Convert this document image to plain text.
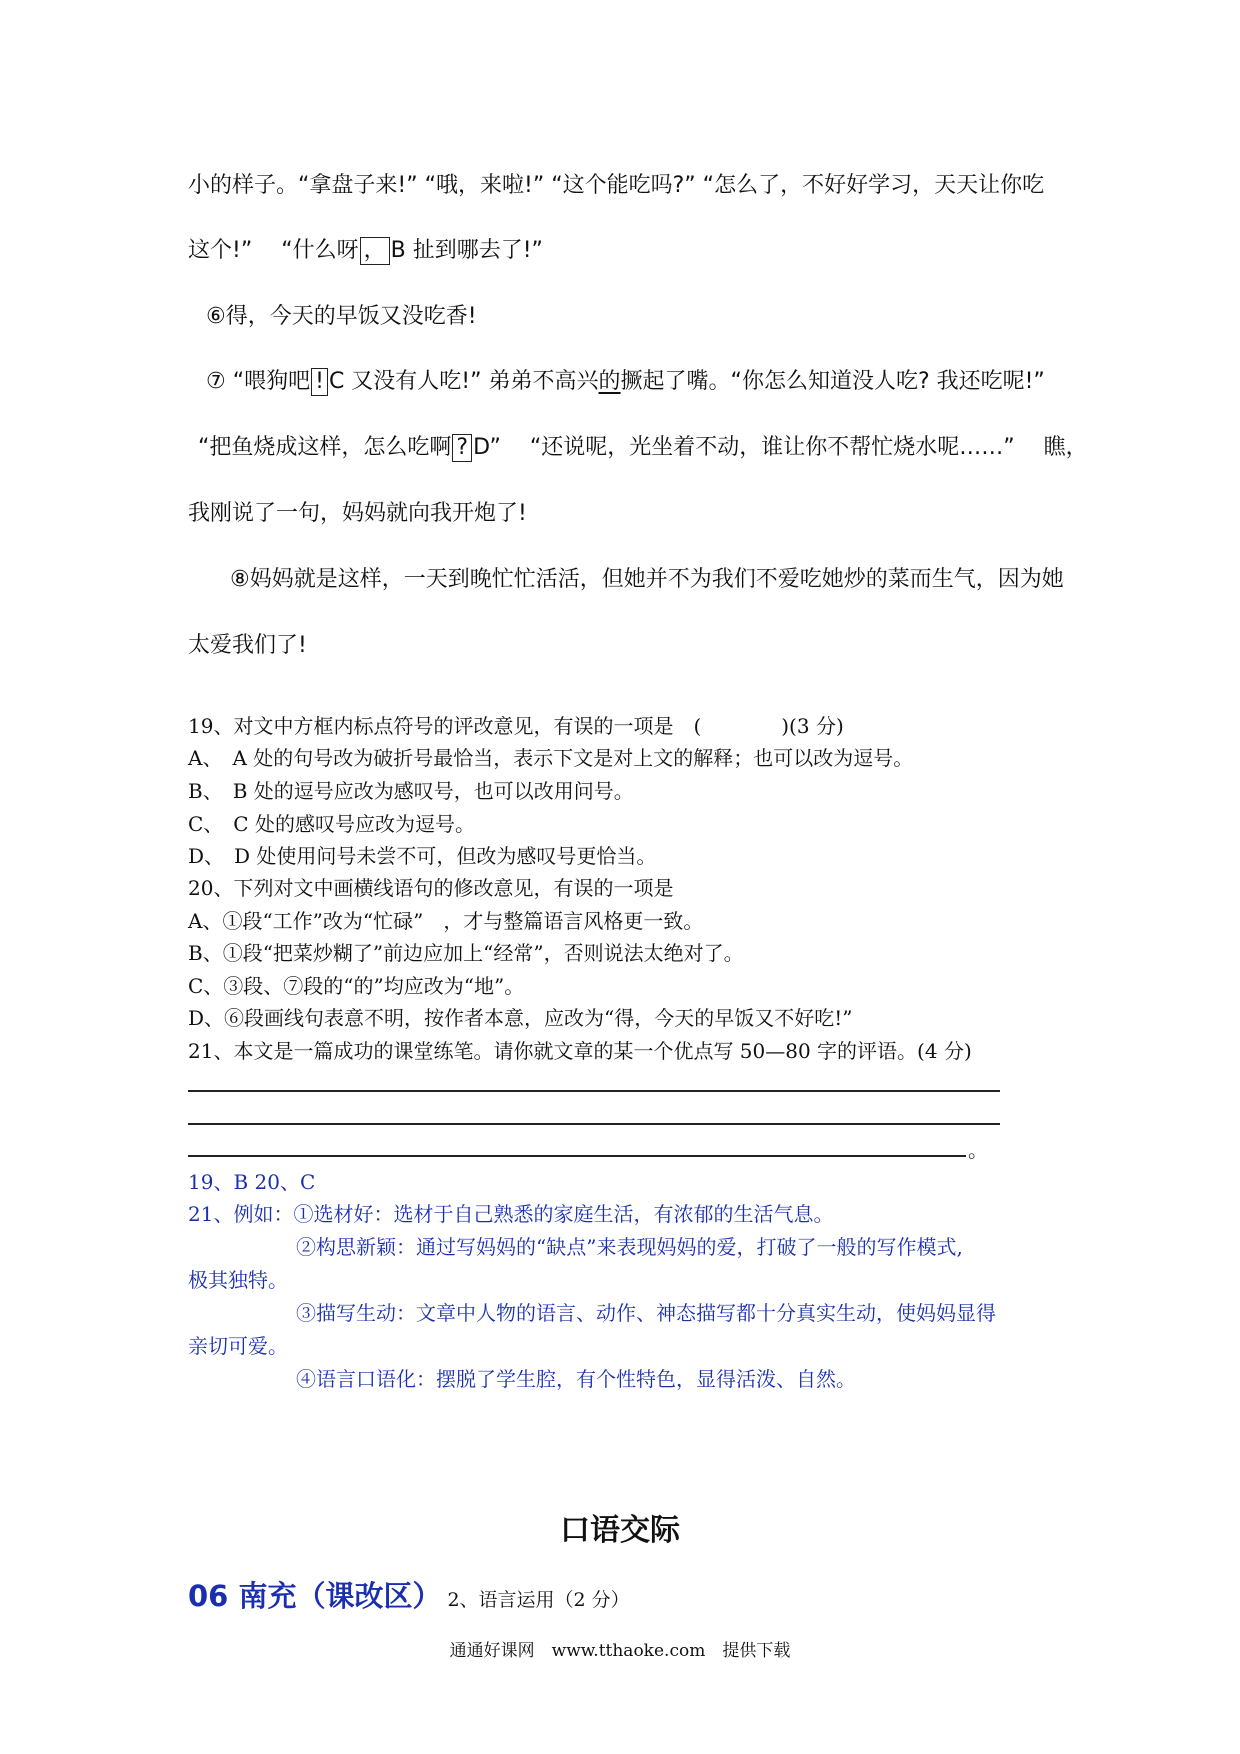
小的样子。“拿盘子来!” “哦，来啦!” “这个能吃吗?” “怎么了，不好好学习，天天让你吃
这个!”　 “什么呀 ， B 扯到哪去了!”
⑥得，今天的早饭又没吃香!
⑦ “喂狗吧 ! C 又没有人吃!” 弟弟不高兴的撅起了嘴。“你怎么知道没人吃? 我还吃呢!”
“把鱼烧成这样，怎么吃啊 ? D”　 “还说呢，光坐着不动，谁让你不帮忙烧水呢……”　 瞧，
我刚说了一句，妈妈就向我开炮了!
⑧妈妈就是这样，一天到晚忙忙活活，但她并不为我们不爱吃她炒的菜而生气，因为她
太爱我们了!
19、对文中方框内标点符号的评改意见，有误的一项是　(　　　　)(3 分)
A、　A 处的句号改为破折号最恰当，表示下文是对上文的解释；也可以改为逗号。
B、　B 处的逗号应改为感叹号，也可以改用问号。
C、　C 处的感叹号应改为逗号。
D、　D 处使用问号未尝不可，但改为感叹号更恰当。
20、下列对文中画横线语句的修改意见，有误的一项是
A、①段“工作”改为“忙碌”　，才与整篇语言风格更一致。
B、①段“把菜炒糊了”前边应加上“经常”，否则说法太绝对了。
C、③段、⑦段的“的”均应改为“地”。
D、⑥段画线句表意不明，按作者本意，应改为“得，今天的早饭又不好吃!”
21、本文是一篇成功的课堂练笔。请你就文章的某一个优点写 50—80 字的评语。(4 分)
。
19、B 20、C
21、例如：①选材好：选材于自己熟悉的家庭生活，有浓郁的生活气息。
②构思新颖：通过写妈妈的“缺点”来表现妈妈的爱，打破了一般的写作模式,
极其独特。
③描写生动：文章中人物的语言、动作、神态描写都十分真实生动，使妈妈显得
亲切可爱。
④语言口语化：摆脱了学生腔，有个性特色，显得活泼、自然。
口语交际
06 南充（课改区） 2、语言运用（2 分）
通通好课网　www.tthaoke.com　提供下载
